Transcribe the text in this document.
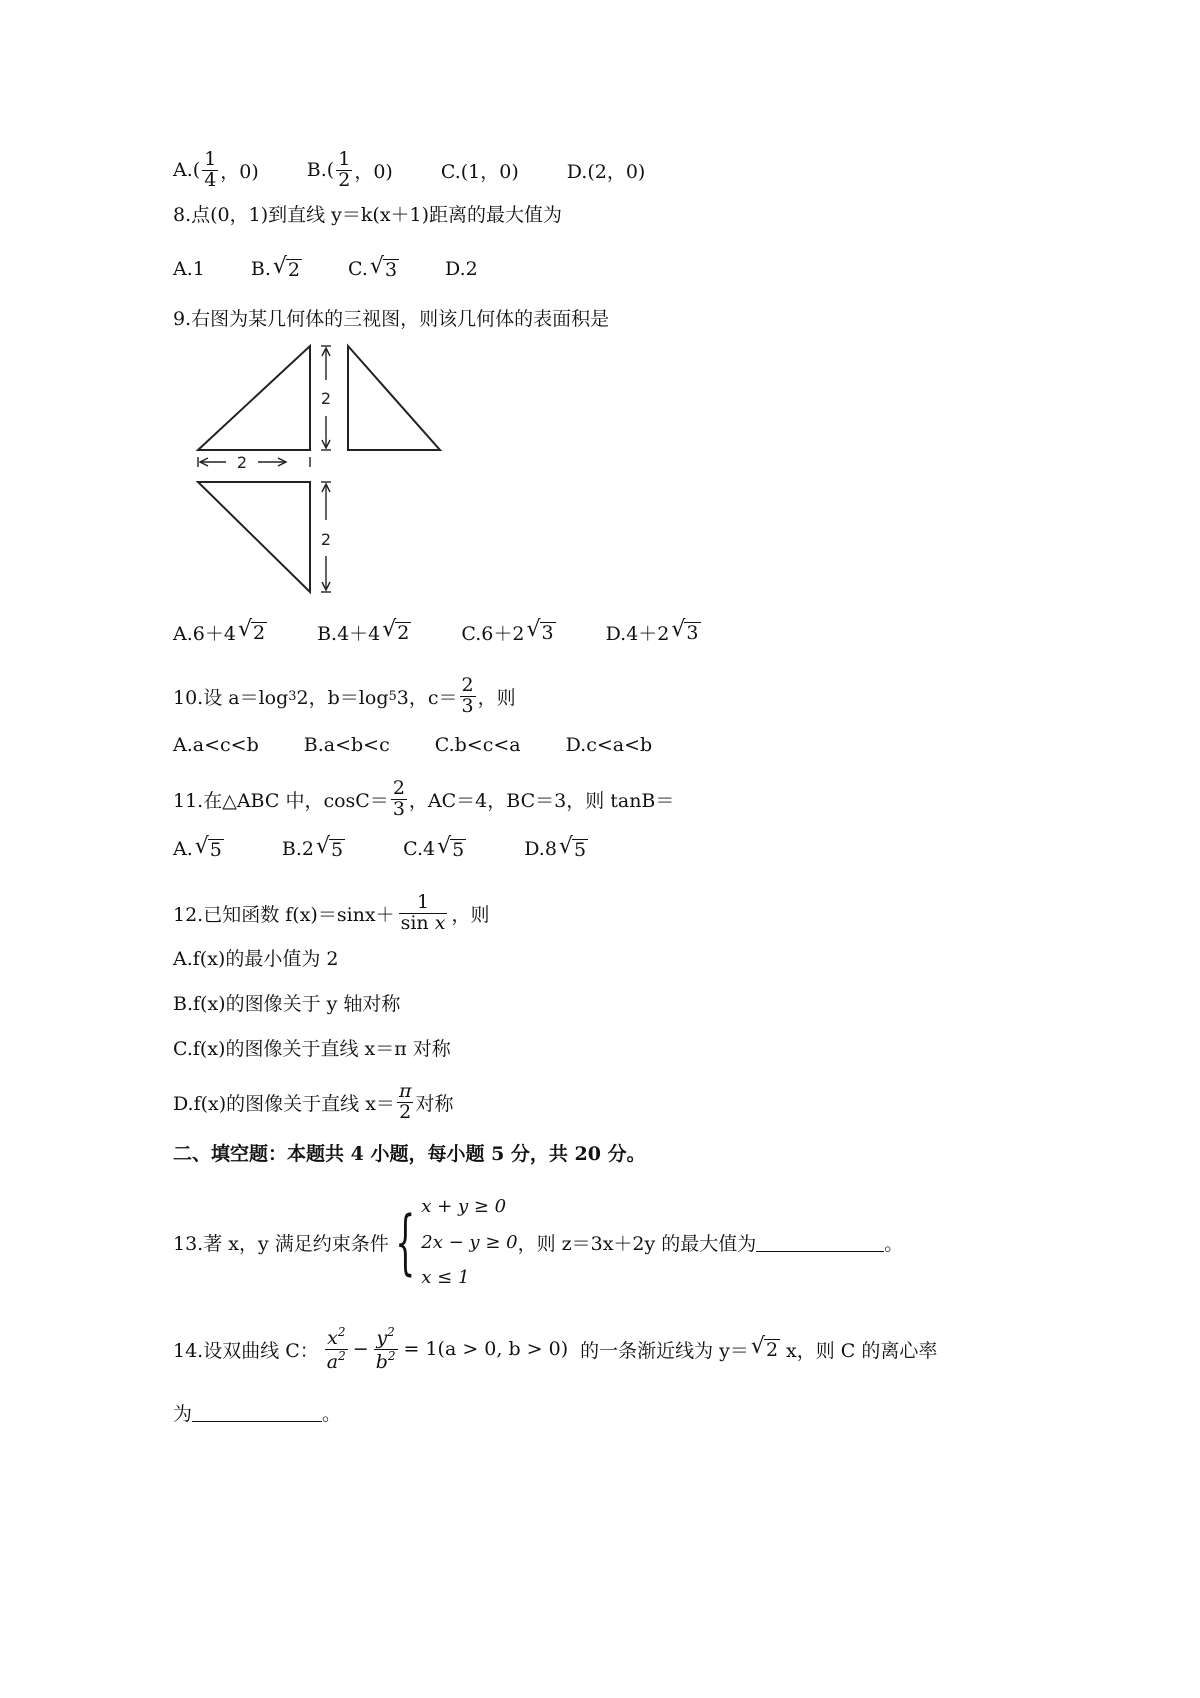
$A.( \frac{1}{4}$ ，0)	$B.( \frac{1}{2}$ ，0)	C.(1，0)	D.(2，0)
8.点(0，1)到直线 y＝k(x＋1)距离的最大值为
A.1 B. √ 2	C. √ 3	D.2
9.右图为某几何体的三视图，则该几何体的表面积是
2
2
2
A.6＋4 √ 2	B.4＋4 √ 2	C.6＋2 √ 3	D.4＋2 √ 3
10.设 a＝log 3 2，b＝log 5 3，$c= \frac{2}{3}$ ，则
A.a<c<b B.a<b<c C.b<c<a D.c<a<b
11.在△ABC 中，$\cos C= \frac{2}{3}$ ，AC＝4，BC＝3，则 tanB＝
A. √ 5	B.2 √ 5	C.4 √ 5	D.8 √ 5
12.已知函数 $f(x)=\sin x+ \frac{1}{\text{sin x}}$ ，则
A.f(x)的最小值为 2
B.f(x)的图像关于 y 轴对称
C.f(x)的图像关于直线 x＝π 对称
D.f(x)的图像关于直线 $x= \frac{\pi}{2}$ 对称
二、填空题：本题共 4 小题，每小题 5 分，共 20 分。
13.著 x，y 满足约束条件 { x + y ≥ 0
2x − y ≥ 0
x ≤ 1
，则 z＝3x＋2y 的最大值为	。
14.设双曲线 C： $\frac{x^2}{a^2} - \frac{y^2}{b^2} = 1(a > 0$, b > 0) 的一条渐近线为 y＝ √ 2 x，则 C 的离心率
为	。
